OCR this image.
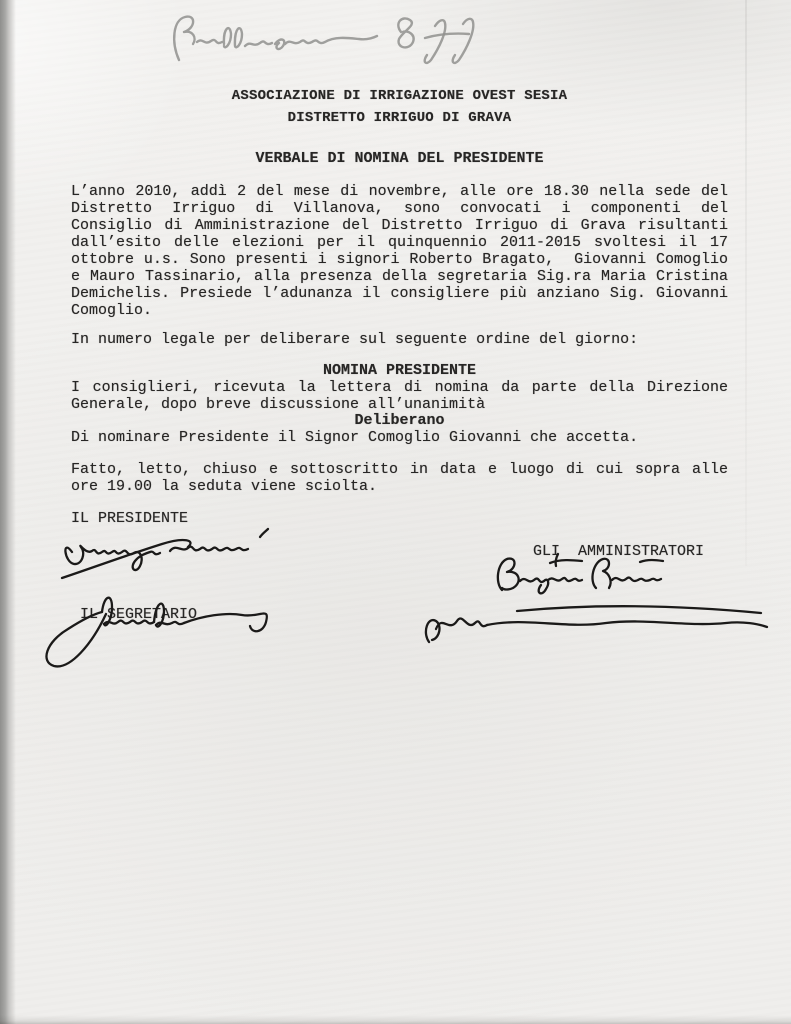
ASSOCIAZIONE DI IRRIGAZIONE OVEST SESIA
DISTRETTO IRRIGUO DI GRAVA
VERBALE DI NOMINA DEL PRESIDENTE

L’anno 2010, addì 2 del mese di novembre, alle ore 18.30 nella sede del Distretto Irriguo di Villanova, sono convocati i componenti del Consiglio di Amministrazione del Distretto Irriguo di Grava risultanti dall’esito delle elezioni per il quinquennio 2011-2015 svoltesi il 17 ottobre u.s. Sono presenti i signori Roberto Bragato,  Giovanni Comoglio e Mauro Tassinario, alla presenza della segretaria Sig.ra Maria Cristina Demichelis. Presiede l’adunanza il consigliere più anziano Sig. Giovanni Comoglio.

In numero legale per deliberare sul seguente ordine del giorno:

NOMINA PRESIDENTE

I consiglieri, ricevuta la lettera di nomina da parte della Direzione Generale, dopo breve discussione all’unanimità

Deliberano

Di nominare Presidente il Signor Comoglio Giovanni che accetta.

Fatto, letto, chiuso e sottoscritto in data e luogo di cui sopra alle ore 19.00 la seduta viene sciolta.

IL PRESIDENTE
GLI  AMMINISTRATORI
IL SEGRETARIO
